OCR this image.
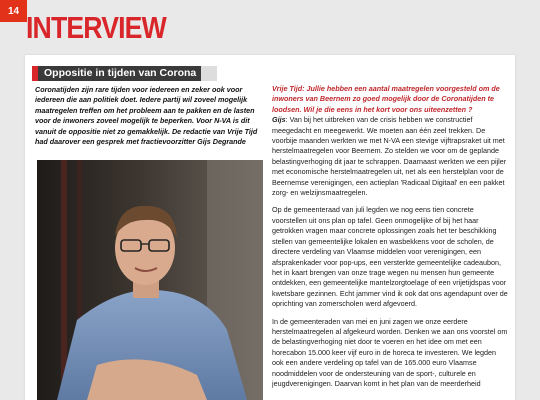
14 INTERVIEW
Oppositie in tijden van Corona

Coronatijden zijn rare tijden voor iedereen en zeker ook voor iedereen die aan politiek doet. Iedere partij wil zoveel mogelijk maatregelen treffen om het probleem aan te pakken en de lasten voor de inwoners zoveel mogelijk te beperken. Voor N-VA is dit vanuit de oppositie niet zo gemakkelijk. De redactie van Vrije Tijd had daarover een gesprek met fractievoorzitter Gijs Degrande

Vrije Tijd: Jullie hebben een aantal maatregelen voorgesteld om de inwoners van Beernem zo goed mogelijk door de Coronatijden te loodsen. Wil je die eens in het kort voor ons uiteenzetten ?
Gijs: Van bij het uitbreken van de crisis hebben we constructief meegedacht en meegewerkt. We moeten aan één zeel trekken. De voorbije maanden werkten we met N-VA een stevige vijftrapsraket uit met herstelmaatregelen voor Beernem. Zo stelden we voor om de geplande belastingverhoging dit jaar te schrappen. Daarnaast werkten we een pijler met economische herstelmaatregelen uit, net als een herstelplan voor de Beernemse verenigingen, een actieplan 'Radicaal Digitaal' en een pakket zorg- en welzijnsmaatregelen.

Op de gemeenteraad van juli legden we nog eens tien concrete voorstellen uit ons plan op tafel. Geen onmogelijke of bij het haar getrokken vragen maar concrete oplossingen zoals het ter beschikking stellen van gemeentelijke lokalen en wasbekkens voor de scholen, de directere verdeling van Vlaamse middelen voor verenigingen, een afsprakenkader voor pop-ups, een versterkte gemeentelijke cadeaubon, het in kaart brengen van onze trage wegen nu mensen hun gemeente ontdekken, een gemeentelijke mantelzorgtoelage of een vrijetijdspas voor kwetsbare gezinnen. Echt jammer vind ik ook dat ons agendapunt over de oprichting van zomerscholen werd afgevoerd.

In de gemeenteraden van mei en juni zagen we onze eerdere herstelmaatregelen al afgekeurd worden. Denken we aan ons voorstel om de belastingverhoging niet door te voeren en het idee om met een horecabon 15.000 keer vijf euro in de horeca te investeren. We legden ook een andere verdeling op tafel van de 165.000 euro Vlaamse noodmiddelen voor de ondersteuning van de sport-, culturele en jeugdverenigingen. Daarvan komt in het plan van de meerderheid
